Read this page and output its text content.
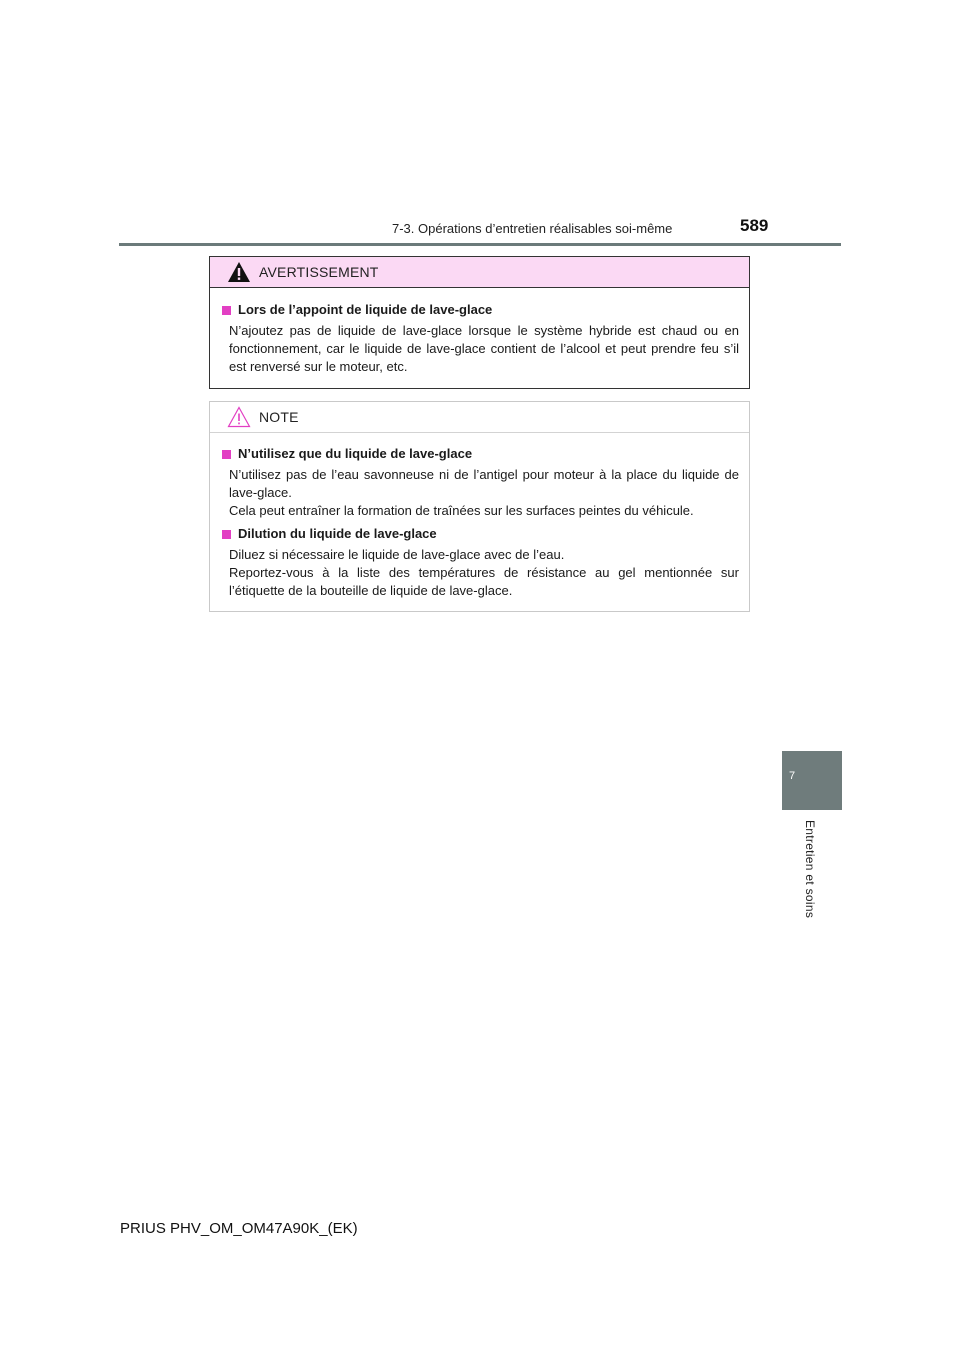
7-3. Opérations d’entretien réalisables soi-même	589
7
Entretien et soins
AVERTISSEMENT
Lors de l’appoint de liquide de lave-glace
N’ajoutez pas de liquide de lave-glace lorsque le système hybride est chaud ou en fonctionnement, car le liquide de lave-glace contient de l’alcool et peut prendre feu s’il est renversé sur le moteur, etc.
NOTE
N’utilisez que du liquide de lave-glace
N’utilisez pas de l’eau savonneuse ni de l’antigel pour moteur à la place du liquide de lave-glace.
Cela peut entraîner la formation de traînées sur les surfaces peintes du véhicule.
Dilution du liquide de lave-glace
Diluez si nécessaire le liquide de lave-glace avec de l’eau.
Reportez-vous à la liste des températures de résistance au gel mentionnée sur l’étiquette de la bouteille de liquide de lave-glace.
PRIUS PHV_OM_OM47A90K_(EK)
